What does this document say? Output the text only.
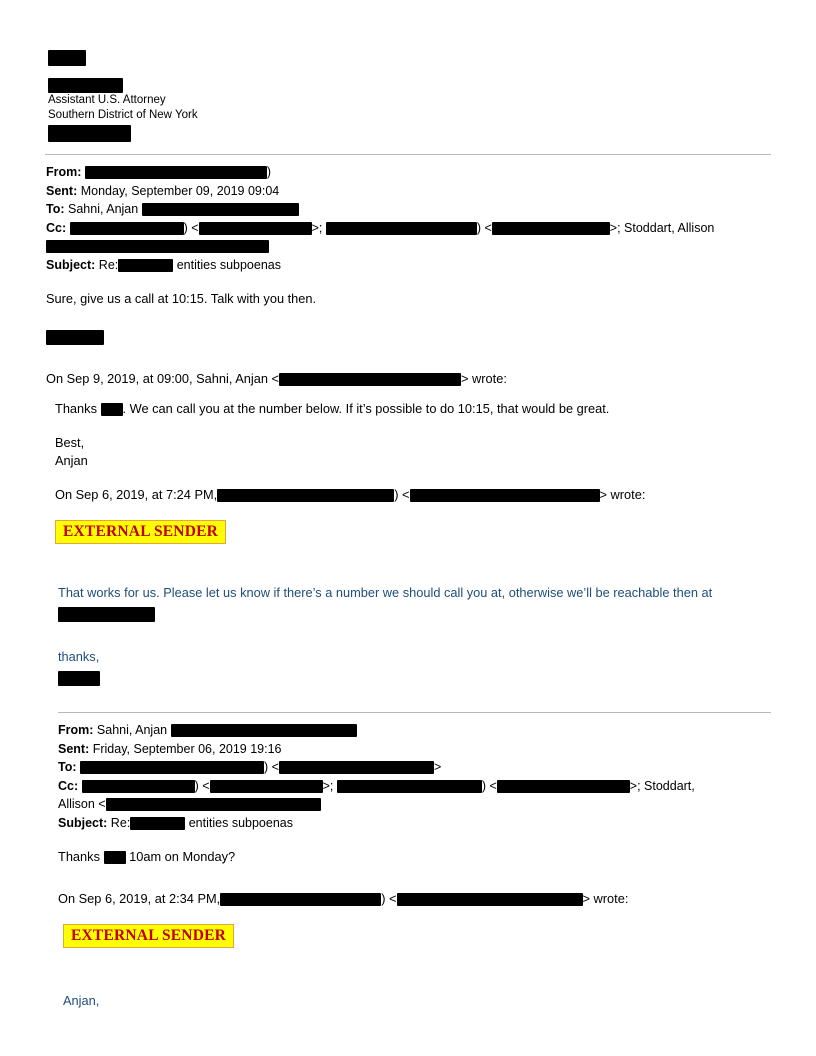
Assistant U.S. Attorney
Southern District of New York
From:	)
Sent: Monday, September 09, 2019 09:04
To: Sahni, Anjan
Cc:	) <	>;	) <	>; Stoddart, Allison
Subject: Re:	entities subpoenas
Sure, give us a call at 10:15. Talk with you then.
On Sep 9, 2019, at 09:00, Sahni, Anjan <	> wrote:
Thanks . We can call you at the number below. If it’s possible to do 10:15, that would be great.
Best,
Anjan
On Sep 6, 2019, at 7:24 PM,	) <	> wrote:
EXTERNAL SENDER
That works for us. Please let us know if there’s a number we should call you at, otherwise we’ll be reachable then at
thanks,
From: Sahni, Anjan
Sent: Friday, September 06, 2019 19:16
To:	) <	>
Cc:	) <	>;	) <	>; Stoddart,
Allison <
Subject: Re:	entities subpoenas
Thanks 10am on Monday?
On Sep 6, 2019, at 2:34 PM,	) <	> wrote:
EXTERNAL SENDER
Anjan,
